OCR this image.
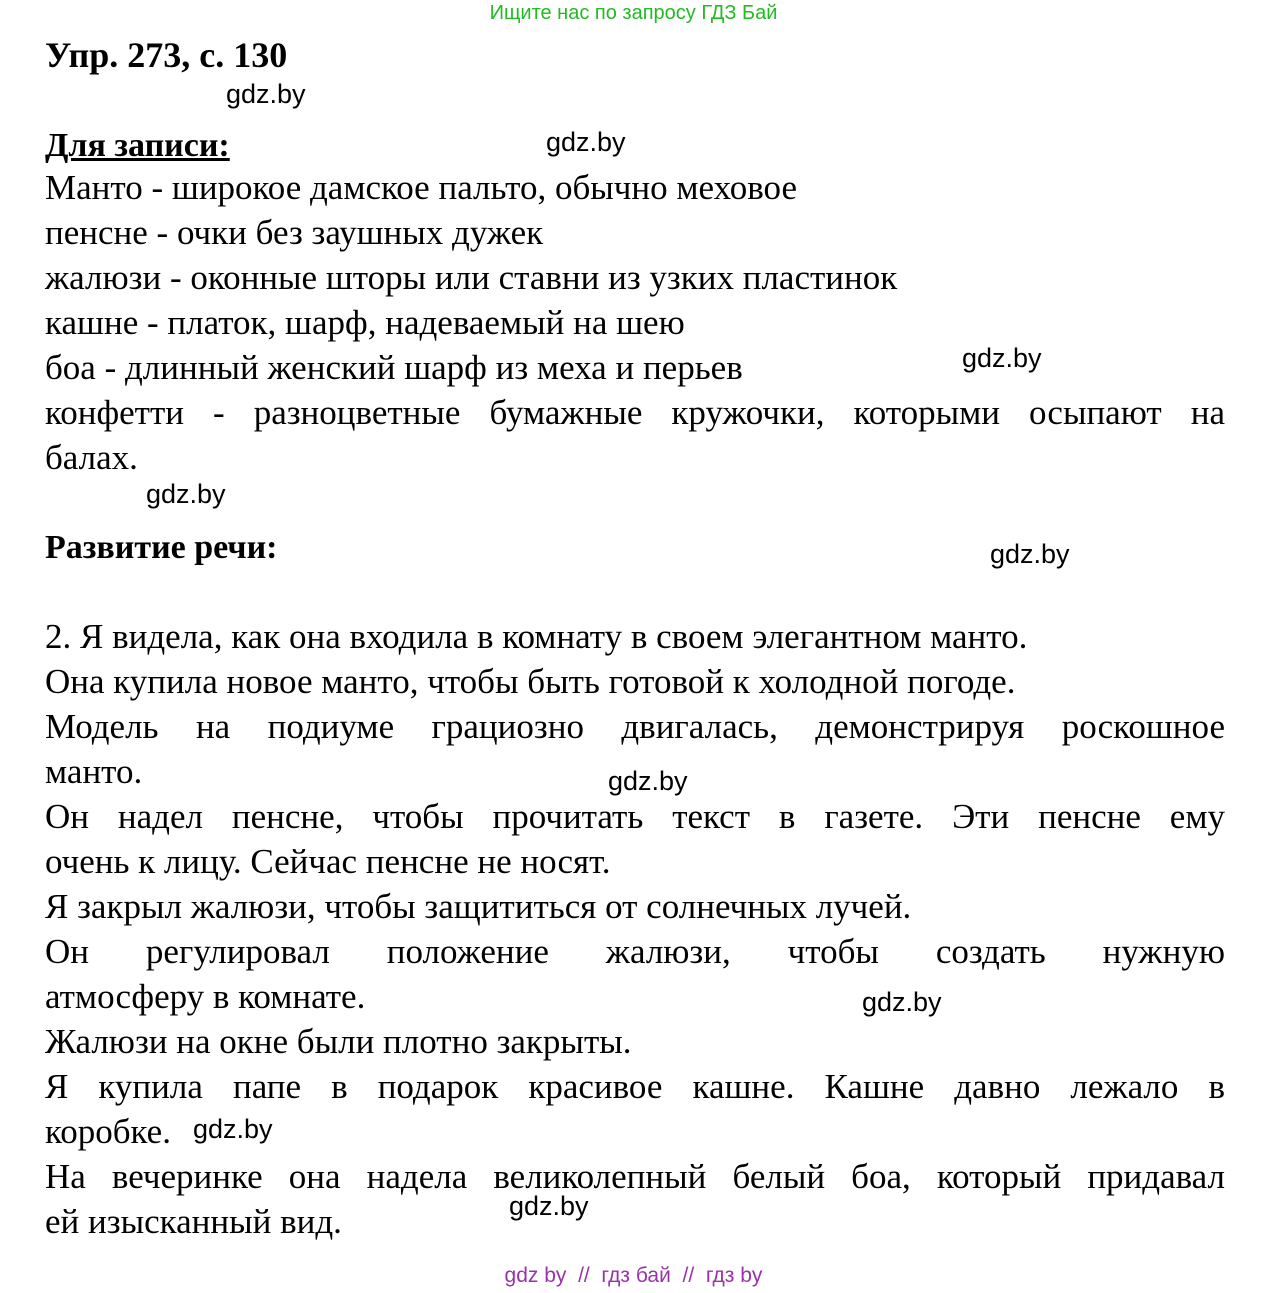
Ищите нас по запросу ГДЗ Бай
Упр. 273, с. 130
Для записи:
Манто - широкое дамское пальто, обычно меховое
пенсне - очки без заушных дужек
жалюзи - оконные шторы или ставни из узких пластинок
кашне - платок, шарф, надеваемый на шею
боа - длинный женский шарф из меха и перьев
конфетти - разноцветные бумажные кружочки, которыми осыпают на
балах.
Развитие речи:
2. Я видела, как она входила в комнату в своем элегантном манто.
Она купила новое манто, чтобы быть готовой к холодной погоде.
Модель на подиуме грациозно двигалась, демонстрируя роскошное
манто.
Он надел пенсне, чтобы прочитать текст в газете. Эти пенсне ему
очень к лицу. Сейчас пенсне не носят.
Я закрыл жалюзи, чтобы защититься от солнечных лучей.
Он регулировал положение жалюзи, чтобы создать нужную
атмосферу в комнате.
Жалюзи на окне были плотно закрыты.
Я купила папе в подарок красивое кашне. Кашне давно лежало в
коробке.
На вечеринке она надела великолепный белый боа, который придавал
ей изысканный вид.
gdz.by
gdz.by
gdz.by
gdz.by
gdz.by
gdz.by
gdz.by
gdz.by
gdz.by
gdz by  //  гдз бай  //  гдз by
